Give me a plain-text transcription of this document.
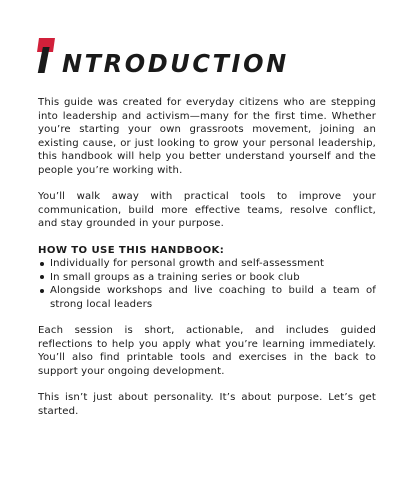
I NTRODUCTION

This guide was created for everyday citizens who are stepping into leadership and activism—many for the first time. Whether you’re starting your own grassroots movement, joining an existing cause, or just looking to grow your personal leadership, this handbook will help you better understand yourself and the people you’re working with.

You’ll walk away with practical tools to improve your communication, build more effective teams, resolve conflict, and stay grounded in your purpose.

HOW TO USE THIS HANDBOOK:

Individually for personal growth and self-assessment
In small groups as a training series or book club
Alongside workshops and live coaching to build a team of strong local leaders

Each session is short, actionable, and includes guided reflections to help you apply what you’re learning immediately. You’ll also find printable tools and exercises in the back to support your ongoing development.

This isn’t just about personality. It’s about purpose. Let’s get started.
